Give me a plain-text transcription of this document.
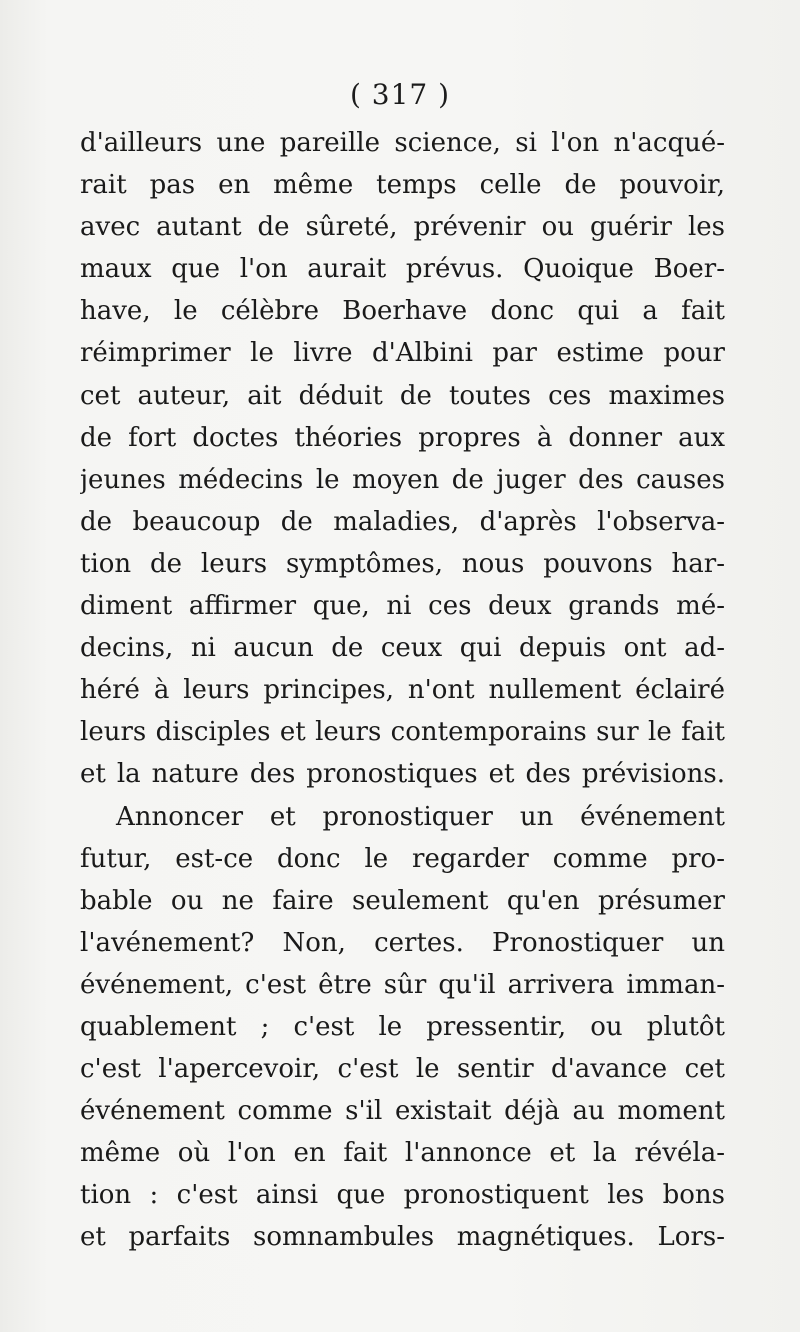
( 317 )
d'ailleurs une pareille science, si l'on n'acqué-
rait pas en même temps celle de pouvoir,
avec autant de sûreté, prévenir ou guérir les
maux que l'on aurait prévus. Quoique Boer-
have, le célèbre Boerhave donc qui a fait
réimprimer le livre d'Albini par estime pour
cet auteur, ait déduit de toutes ces maximes
de fort doctes théories propres à donner aux
jeunes médecins le moyen de juger des causes
de beaucoup de maladies, d'après l'observa-
tion de leurs symptômes, nous pouvons har-
diment affirmer que, ni ces deux grands mé-
decins, ni aucun de ceux qui depuis ont ad-
héré à leurs principes, n'ont nullement éclairé
leurs disciples et leurs contemporains sur le fait
et la nature des pronostiques et des prévisions.
Annoncer et pronostiquer un événement
futur, est-ce donc le regarder comme pro-
bable ou ne faire seulement qu'en présumer
l'avénement? Non, certes. Pronostiquer un
événement, c'est être sûr qu'il arrivera imman-
quablement ; c'est le pressentir, ou plutôt
c'est l'apercevoir, c'est le sentir d'avance cet
événement comme s'il existait déjà au moment
même où l'on en fait l'annonce et la révéla-
tion : c'est ainsi que pronostiquent les bons
et parfaits somnambules magnétiques. Lors-
